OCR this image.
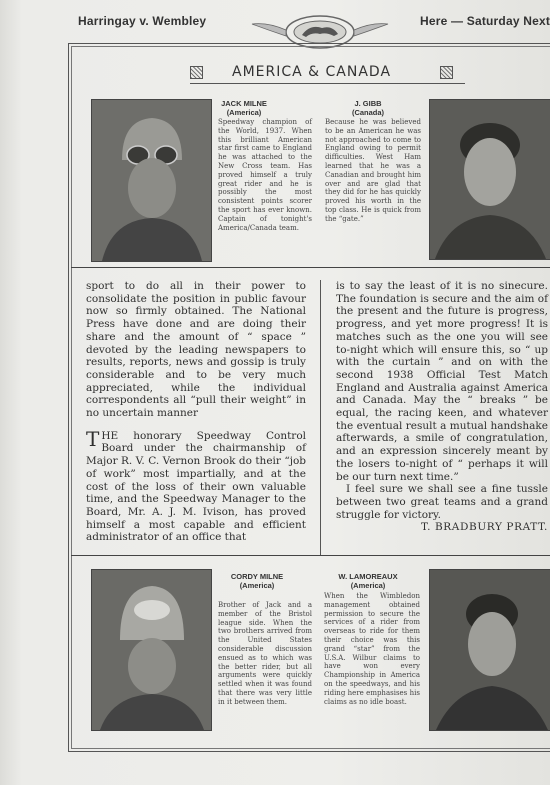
Harringay v. Wembley	Here — Saturday Next
AMERICA & CANADA
JACK MILNE
(America)
Speedway champion of the World, 1937. When this brilliant American star first came to England he was attached to the New Cross team. Has proved himself a truly great rider and he is possibly the most consistent points scorer the sport has ever known. Captain of tonight's America/Canada team.
J. GIBB
(Canada)
Because he was believed to be an American he was not approached to come to England owing to permit difficulties. West Ham learned that he was a Canadian and brought him over and are glad that they did for he has quickly proved his worth in the top class. He is quick from the “gate.”

sport to do all in their power to consolidate the position in public favour now so firmly obtained. The National Press have done and are doing their share and the amount of “ space ” devoted by the leading newspapers to results, reports, news and gossip is truly considerable and to be very much appreciated, while the individual correspondents all “pull their weight” in no uncertain manner

THE honorary Speedway Control Board under the chairmanship of Major R. V. C. Vernon Brook do their “job of work” most impartially, and at the cost of the loss of their own valuable time, and the Speedway Manager to the Board, Mr. A. J. M. Ivison, has proved himself a most capable and efficient administrator of an office that

is to say the least of it is no sinecure. The foundation is secure and the aim of the present and the future is progress, progress, and yet more progress! It is matches such as the one you will see to-night which will ensure this, so “ up with the curtain ” and on with the second 1938 Official Test Match England and Australia against America and Canada. May the “ breaks ” be equal, the racing keen, and whatever the eventual result a mutual handshake afterwards, a smile of congratulation, and an expression sincerely meant by the losers to-night of “ perhaps it will be our turn next time.”

I feel sure we shall see a fine tussle between two great teams and a grand struggle for victory.

T. BRADBURY PRATT.

CORDY MILNE
(America)
Brother of Jack and a member of the Bristol league side. When the two brothers arrived from the United States considerable discussion ensued as to which was the better rider, but all arguments were quickly settled when it was found that there was very little in it between them.
W. LAMOREAUX
(America)
When the Wimbledon management obtained permission to secure the services of a rider from overseas to ride for them their choice was this grand “star” from the U.S.A. Wilbur claims to have won every Championship in America on the speedways, and his riding here emphasises his claims as no idle boast.
